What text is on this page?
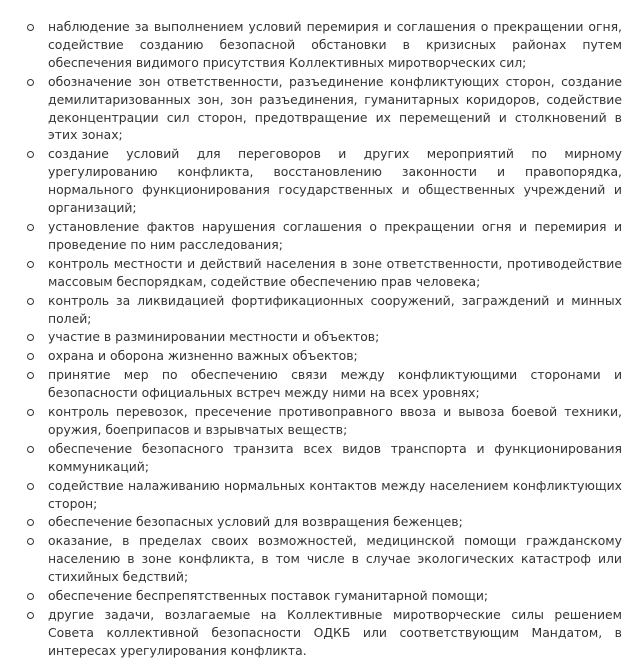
наблюдение за выполнением условий перемирия и соглашения о прекращении огня, содействие созданию безопасной обстановки в кризисных районах путем обеспечения видимого присутствия Коллективных миротворческих сил;
обозначение зон ответственности, разъединение конфликтующих сторон, создание демилитаризованных зон, зон разъединения, гуманитарных коридоров, содействие деконцентрации сил сторон, предотвращение их перемещений и столкновений в этих зонах;
создание условий для переговоров и других мероприятий по мирному урегулированию конфликта, восстановлению законности и правопорядка, нормального функционирования государственных и общественных учреждений и организаций;
установление фактов нарушения соглашения о прекращении огня и перемирия и проведение по ним расследования;
контроль местности и действий населения в зоне ответственности, противодействие массовым беспорядкам, содействие обеспечению прав человека;
контроль за ликвидацией фортификационных сооружений, заграждений и минных полей;
участие в разминировании местности и объектов;
охрана и оборона жизненно важных объектов;
принятие мер по обеспечению связи между конфликтующими сторонами и безопасности официальных встреч между ними на всех уровнях;
контроль перевозок, пресечение противоправного ввоза и вывоза боевой техники, оружия, боеприпасов и взрывчатых веществ;
обеспечение безопасного транзита всех видов транспорта и функционирования коммуникаций;
содействие налаживанию нормальных контактов между населением конфликтующих сторон;
обеспечение безопасных условий для возвращения беженцев;
оказание, в пределах своих возможностей, медицинской помощи гражданскому населению в зоне конфликта, в том числе в случае экологических катастроф или стихийных бедствий;
обеспечение беспрепятственных поставок гуманитарной помощи;
другие задачи, возлагаемые на Коллективные миротворческие силы решением Совета коллективной безопасности ОДКБ или соответствующим Мандатом, в интересах урегулирования конфликта.
